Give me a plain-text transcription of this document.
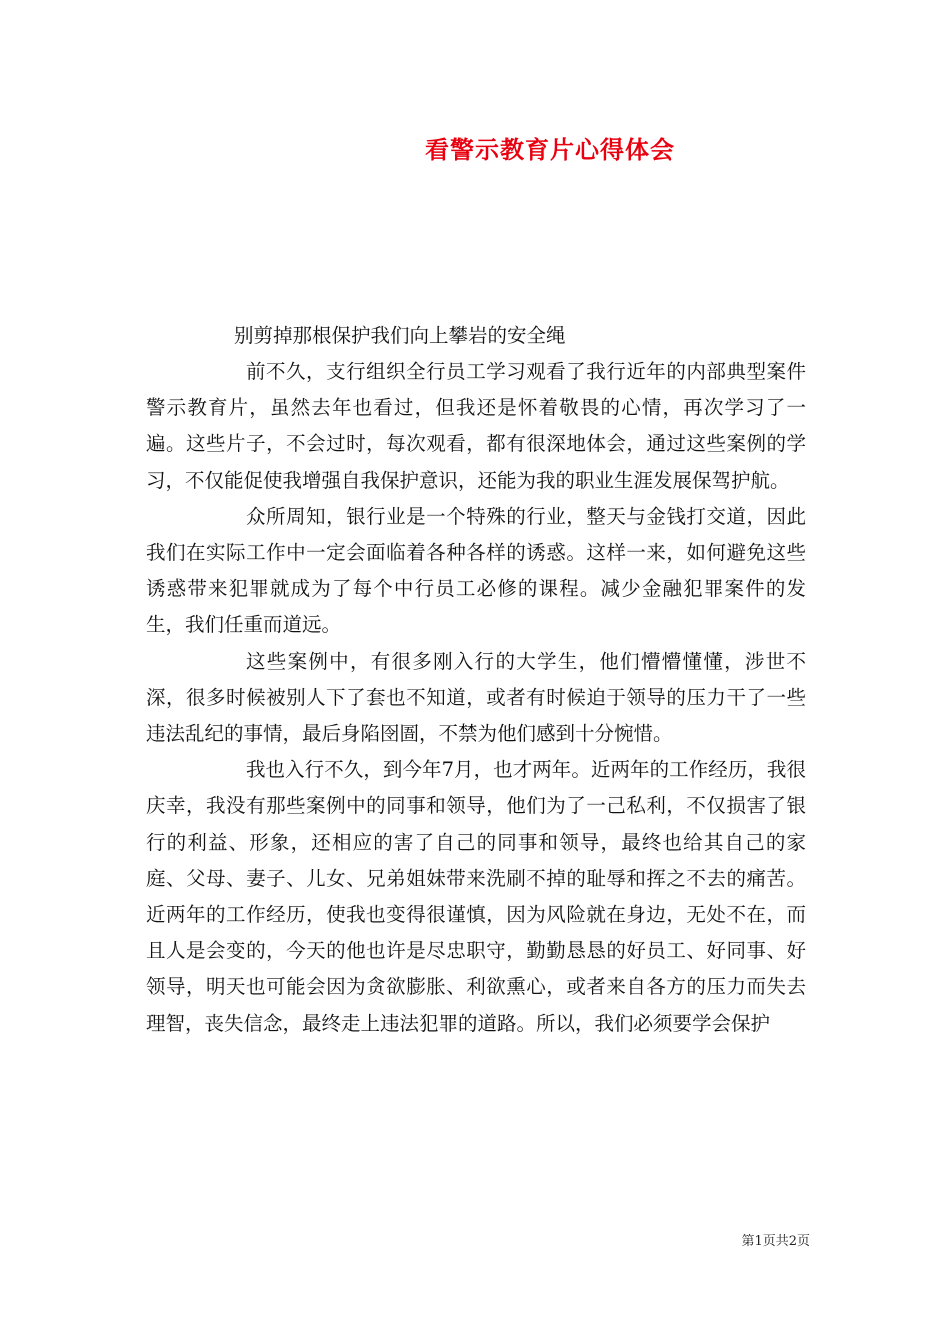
看警示教育片心得体会

别剪掉那根保护我们向上攀岩的安全绳

前不久，支行组织全行员工学习观看了我行近年的内部典型案件警示教育片，虽然去年也看过，但我还是怀着敬畏的心情，再次学习了一遍。这些片子，不会过时，每次观看，都有很深地体会，通过这些案例的学习，不仅能促使我增强自我保护意识，还能为我的职业生涯发展保驾护航。

众所周知，银行业是一个特殊的行业，整天与金钱打交道，因此我们在实际工作中一定会面临着各种各样的诱惑。这样一来，如何避免这些诱惑带来犯罪就成为了每个中行员工必修的课程。减少金融犯罪案件的发生，我们任重而道远。

这些案例中，有很多刚入行的大学生，他们懵懵懂懂，涉世不深，很多时候被别人下了套也不知道，或者有时候迫于领导的压力干了一些违法乱纪的事情，最后身陷囹圄，不禁为他们感到十分惋惜。

我也入行不久，到今年7月，也才两年。近两年的工作经历，我很庆幸，我没有那些案例中的同事和领导，他们为了一己私利，不仅损害了银行的利益、形象，还相应的害了自己的同事和领导，最终也给其自己的家庭、父母、妻子、儿女、兄弟姐妹带来洗刷不掉的耻辱和挥之不去的痛苦。近两年的工作经历，使我也变得很谨慎，因为风险就在身边，无处不在，而且人是会变的，今天的他也许是尽忠职守，勤勤恳恳的好员工、好同事、好领导，明天也可能会因为贪欲膨胀、利欲熏心，或者来自各方的压力而失去理智，丧失信念，最终走上违法犯罪的道路。所以，我们必须要学会保护

第1页共2页
